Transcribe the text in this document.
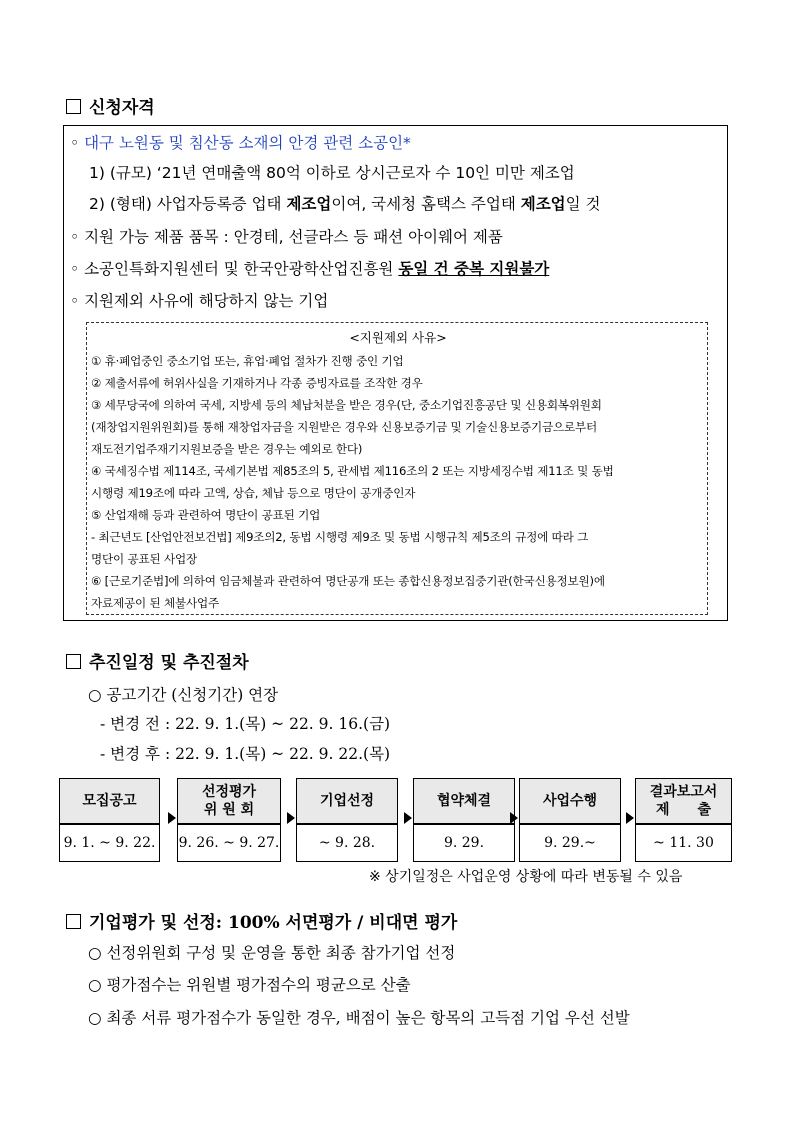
신청자격
◦ 대구 노원동 및 침산동 소재의 안경 관련 소공인*
1) (규모) ‘21년 연매출액 80억 이하로 상시근로자 수 10인 미만 제조업
2) (형태) 사업자등록증 업태 제조업이여, 국세청 홈택스 주업태 제조업일 것
◦ 지원 가능 제품 품목 : 안경테, 선글라스 등 패션 아이웨어 제품
◦ 소공인특화지원센터 및 한국안광학산업진흥원 동일 건 중복 지원불가
◦ 지원제외 사유에 해당하지 않는 기업
<지원제외 사유>
① 휴·폐업중인 중소기업 또는, 휴업·폐업 절차가 진행 중인 기업
② 제출서류에 허위사실을 기재하거나 각종 증빙자료를 조작한 경우
③ 세무당국에 의하여 국세, 지방세 등의 체납처분을 받은 경우(단, 중소기업진흥공단 및 신용회복위원회
(재창업지원위원회)를 통해 재창업자금을 지원받은 경우와 신용보증기금 및 기술신용보증기금으로부터
재도전기업주재기지원보증을 받은 경우는 예외로 한다)
④ 국세징수법 제114조, 국세기본법 제85조의 5, 관세법 제116조의 2 또는 지방세징수법 제11조 및 동법
시행령 제19조에 따라 고액, 상습, 체납 등으로 명단이 공개중인자
⑤ 산업재해 등과 관련하여 명단이 공표된 기업
- 최근년도 [산업안전보건법] 제9조의2, 동법 시행령 제9조 및 동법 시행규칙 제5조의 규정에 따라 그
명단이 공표된 사업장
⑥ [근로기준법]에 의하여 임금체불과 관련하여 명단공개 또는 종합신용정보집중기관(한국신용정보원)에
자료제공이 된 체불사업주
추진일정 및 추진절차
○ 공고기간 (신청기간) 연장
- 변경 전 : 22. 9. 1.(목) ~ 22. 9. 16.(금)
- 변경 후 : 22. 9. 1.(목) ~ 22. 9. 22.(목)
모집공고
9. 1. ~ 9. 22.
선정평가
위 원 회
9. 26. ~ 9. 27.
기업선정
~ 9. 28.
협약체결
9. 29.
사업수행
9. 29.~
결과보고서
제　　출
~ 11. 30
※ 상기일정은 사업운영 상황에 따라 변동될 수 있음
기업평가 및 선정: 100% 서면평가 / 비대면 평가
○ 선정위원회 구성 및 운영을 통한 최종 참가기업 선정
○ 평가점수는 위원별 평가점수의 평균으로 산출
○ 최종 서류 평가점수가 동일한 경우, 배점이 높은 항목의 고득점 기업 우선 선발
